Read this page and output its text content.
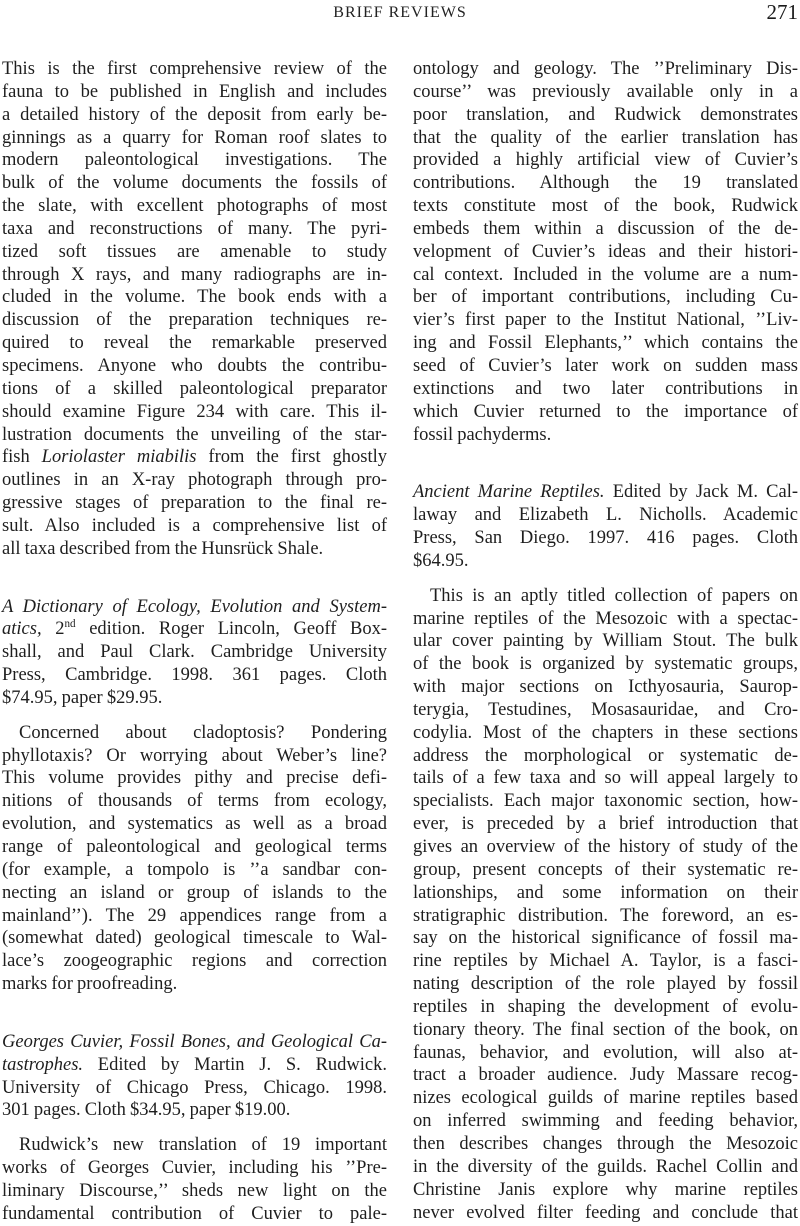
BRIEF REVIEWS	271
This is the first comprehensive review of the
fauna to be published in English and includes
a detailed history of the deposit from early be-
ginnings as a quarry for Roman roof slates to
modern paleontological investigations. The
bulk of the volume documents the fossils of
the slate, with excellent photographs of most
taxa and reconstructions of many. The pyri-
tized soft tissues are amenable to study
through X rays, and many radiographs are in-
cluded in the volume. The book ends with a
discussion of the preparation techniques re-
quired to reveal the remarkable preserved
specimens. Anyone who doubts the contribu-
tions of a skilled paleontological preparator
should examine Figure 234 with care. This il-
lustration documents the unveiling of the star-
fish Loriolaster miabilis from the first ghostly
outlines in an X-ray photograph through pro-
gressive stages of preparation to the final re-
sult. Also included is a comprehensive list of
all taxa described from the Hunsrück Shale.
A Dictionary of Ecology, Evolution and System-
atics, 2nd edition. Roger Lincoln, Geoff Box-
shall, and Paul Clark. Cambridge University
Press, Cambridge. 1998. 361 pages. Cloth
$74.95, paper $29.95.
Concerned about cladoptosis? Pondering
phyllotaxis? Or worrying about Weber’s line?
This volume provides pithy and precise defi-
nitions of thousands of terms from ecology,
evolution, and systematics as well as a broad
range of paleontological and geological terms
(for example, a tompolo is ’’a sandbar con-
necting an island or group of islands to the
mainland’’). The 29 appendices range from a
(somewhat dated) geological timescale to Wal-
lace’s zoogeographic regions and correction
marks for proofreading.
Georges Cuvier, Fossil Bones, and Geological Ca-
tastrophes. Edited by Martin J. S. Rudwick.
University of Chicago Press, Chicago. 1998.
301 pages. Cloth $34.95, paper $19.00.
Rudwick’s new translation of 19 important
works of Georges Cuvier, including his ’’Pre-
liminary Discourse,’’ sheds new light on the
fundamental contribution of Cuvier to pale-
ontology and geology. The ’’Preliminary Dis-
course’’ was previously available only in a
poor translation, and Rudwick demonstrates
that the quality of the earlier translation has
provided a highly artificial view of Cuvier’s
contributions. Although the 19 translated
texts constitute most of the book, Rudwick
embeds them within a discussion of the de-
velopment of Cuvier’s ideas and their histori-
cal context. Included in the volume are a num-
ber of important contributions, including Cu-
vier’s first paper to the Institut National, ’’Liv-
ing and Fossil Elephants,’’ which contains the
seed of Cuvier’s later work on sudden mass
extinctions and two later contributions in
which Cuvier returned to the importance of
fossil pachyderms.
Ancient Marine Reptiles. Edited by Jack M. Cal-
laway and Elizabeth L. Nicholls. Academic
Press, San Diego. 1997. 416 pages. Cloth
$64.95.
This is an aptly titled collection of papers on
marine reptiles of the Mesozoic with a spectac-
ular cover painting by William Stout. The bulk
of the book is organized by systematic groups,
with major sections on Icthyosauria, Saurop-
terygia, Testudines, Mosasauridae, and Cro-
codylia. Most of the chapters in these sections
address the morphological or systematic de-
tails of a few taxa and so will appeal largely to
specialists. Each major taxonomic section, how-
ever, is preceded by a brief introduction that
gives an overview of the history of study of the
group, present concepts of their systematic re-
lationships, and some information on their
stratigraphic distribution. The foreword, an es-
say on the historical significance of fossil ma-
rine reptiles by Michael A. Taylor, is a fasci-
nating description of the role played by fossil
reptiles in shaping the development of evolu-
tionary theory. The final section of the book, on
faunas, behavior, and evolution, will also at-
tract a broader audience. Judy Massare recog-
nizes ecological guilds of marine reptiles based
on inferred swimming and feeding behavior,
then describes changes through the Mesozoic
in the diversity of the guilds. Rachel Collin and
Christine Janis explore why marine reptiles
never evolved filter feeding and conclude that
